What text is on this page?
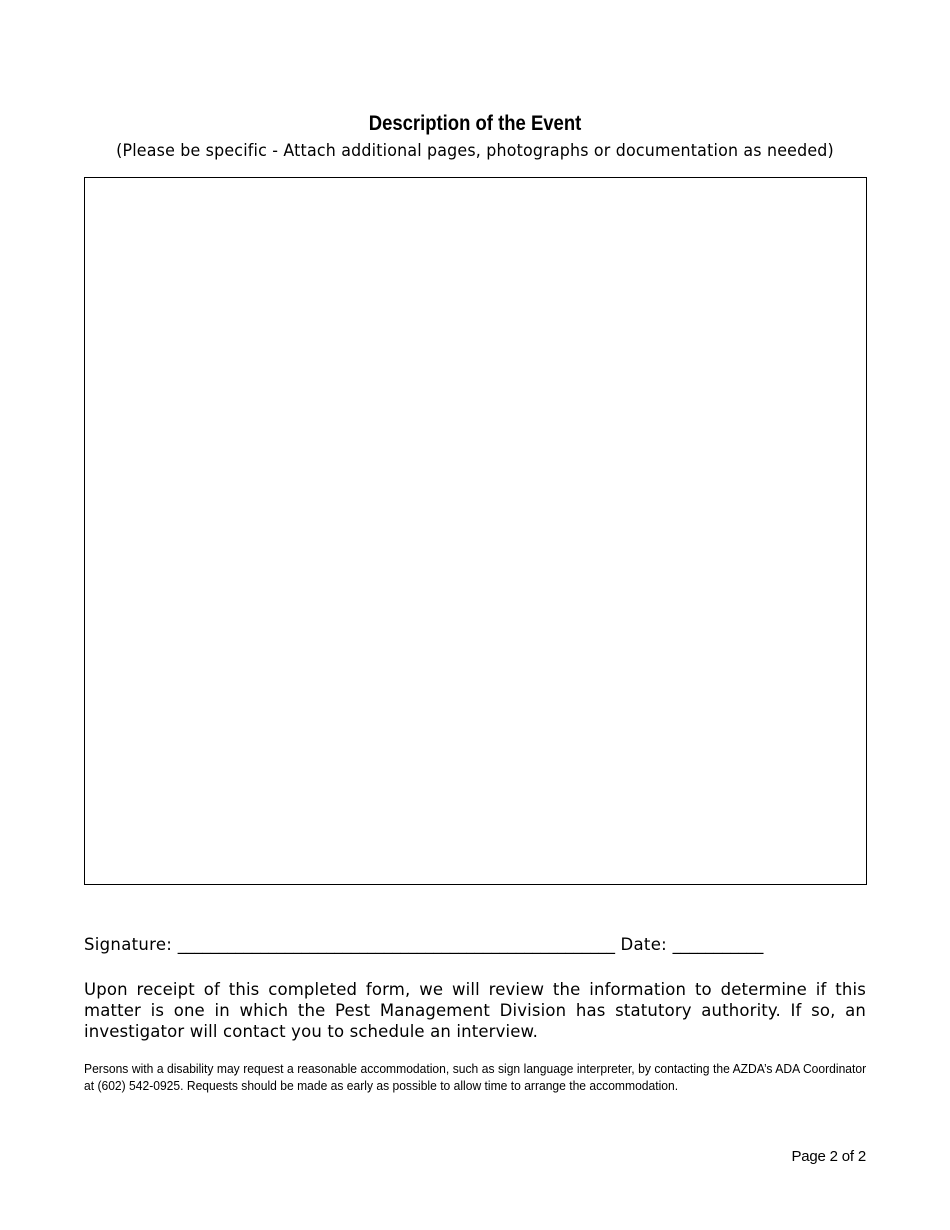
Description of the Event
(Please be specific - Attach additional pages, photographs or documentation as needed)
Signature: _____________________________________________________ Date: ___________
Upon receipt of this completed form, we will review the information to determine if this matter is one in which the Pest Management Division has statutory authority. If so, an investigator will contact you to schedule an interview.
Persons with a disability may request a reasonable accommodation, such as sign language interpreter, by contacting the AZDA’s ADA Coordinator at (602) 542-0925. Requests should be made as early as possible to allow time to arrange the accommodation.
Page 2 of 2
